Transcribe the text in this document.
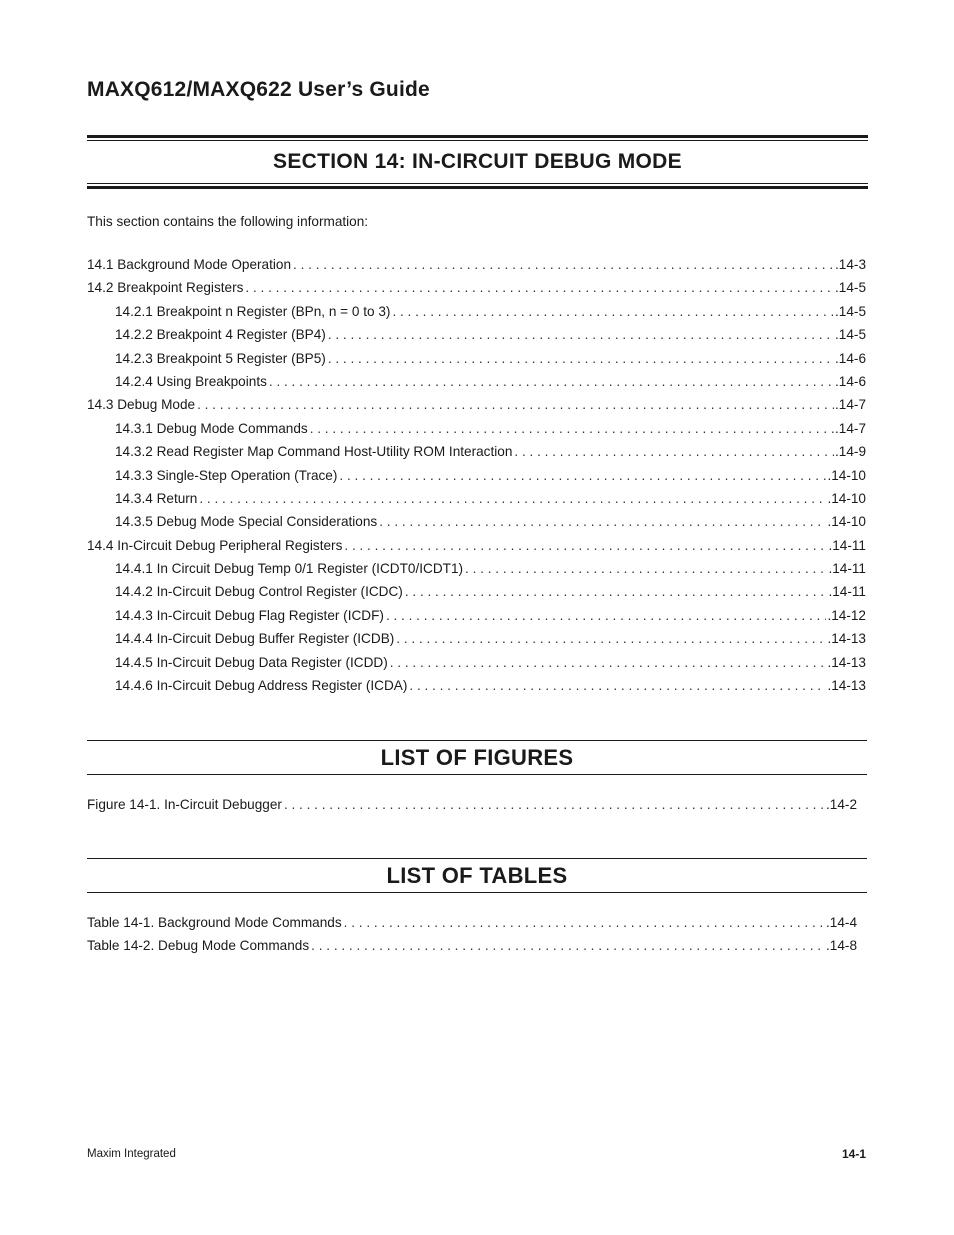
MAXQ612/MAXQ622 User’s Guide
SECTION 14: IN-CIRCUIT DEBUG MODE
This section contains the following information:
14.1 Background Mode Operation . . .	.14-3
14.2 Breakpoint Registers . . .	.14-5
14.2.1 Breakpoint n Register (BPn, n = 0 to 3) . . .	.14-5
14.2.2 Breakpoint 4 Register (BP4) . . .	.14-5
14.2.3 Breakpoint 5 Register (BP5) . . .	.14-6
14.2.4 Using Breakpoints . . .	.14-6
14.3 Debug Mode . . .	.14-7
14.3.1 Debug Mode Commands . . .	.14-7
14.3.2 Read Register Map Command Host-Utility ROM Interaction . . .	.14-9
14.3.3 Single-Step Operation (Trace) . . .	.14-10
14.3.4 Return . . .	.14-10
14.3.5 Debug Mode Special Considerations . . .	.14-10
14.4 In-Circuit Debug Peripheral Registers . . .	.14-11
14.4.1 In Circuit Debug Temp 0/1 Register (ICDT0/ICDT1) . . .	.14-11
14.4.2 In-Circuit Debug Control Register (ICDC) . . .	.14-11
14.4.3 In-Circuit Debug Flag Register (ICDF) . . .	.14-12
14.4.4 In-Circuit Debug Buffer Register (ICDB) . . .	.14-13
14.4.5 In-Circuit Debug Data Register (ICDD) . . .	.14-13
14.4.6 In-Circuit Debug Address Register (ICDA) . . .	.14-13
LIST OF FIGURES
Figure 14-1. In-Circuit Debugger . . .	.14-2
LIST OF TABLES
Table 14-1. Background Mode Commands . . .	.14-4
Table 14-2. Debug Mode Commands . . .	.14-8
Maxim Integrated	14-1
